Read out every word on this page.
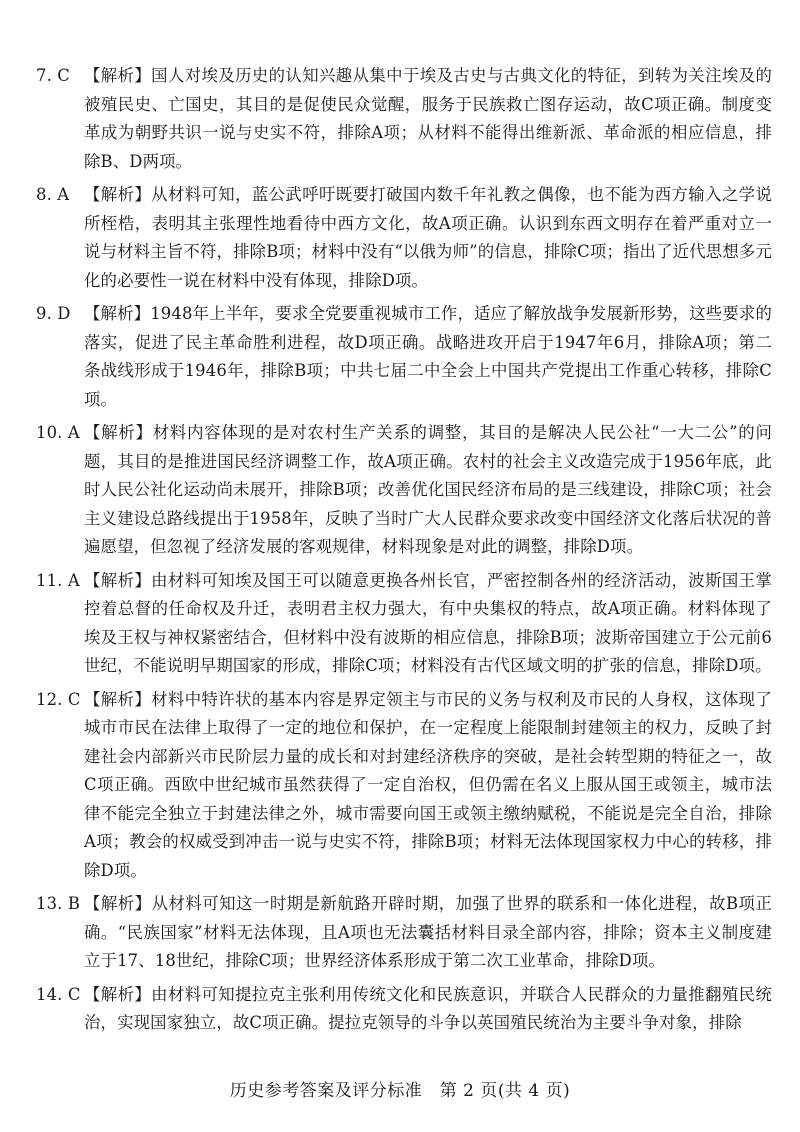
7. C 【解析】国人对埃及历史的认知兴趣从集中于埃及古史与古典文化的特征，到转为关注埃及的被殖民史、亡国史，其目的是促使民众觉醒，服务于民族救亡图存运动，故C项正确。制度变革成为朝野共识一说与史实不符，排除A项；从材料不能得出维新派、革命派的相应信息，排除B、D两项。
8. A 【解析】从材料可知，蓝公武呼吁既要打破国内数千年礼教之偶像，也不能为西方输入之学说所桎梏，表明其主张理性地看待中西方文化，故A项正确。认识到东西文明存在着严重对立一说与材料主旨不符，排除B项；材料中没有“以俄为师”的信息，排除C项；指出了近代思想多元化的必要性一说在材料中没有体现，排除D项。
9. D 【解析】1948年上半年，要求全党要重视城市工作，适应了解放战争发展新形势，这些要求的落实，促进了民主革命胜利进程，故D项正确。战略进攻开启于1947年6月，排除A项；第二条战线形成于1946年，排除B项；中共七届二中全会上中国共产党提出工作重心转移，排除C项。
10. A 【解析】材料内容体现的是对农村生产关系的调整，其目的是解决人民公社“一大二公”的问题，其目的是推进国民经济调整工作，故A项正确。农村的社会主义改造完成于1956年底，此时人民公社化运动尚未展开，排除B项；改善优化国民经济布局的是三线建设，排除C项；社会主义建设总路线提出于1958年，反映了当时广大人民群众要求改变中国经济文化落后状况的普遍愿望，但忽视了经济发展的客观规律，材料现象是对此的调整，排除D项。
11. A 【解析】由材料可知埃及国王可以随意更换各州长官，严密控制各州的经济活动，波斯国王掌控着总督的任命权及升迁，表明君主权力强大，有中央集权的特点，故A项正确。材料体现了埃及王权与神权紧密结合，但材料中没有波斯的相应信息，排除B项；波斯帝国建立于公元前6世纪，不能说明早期国家的形成，排除C项；材料没有古代区域文明的扩张的信息，排除D项。
12. C 【解析】材料中特许状的基本内容是界定领主与市民的义务与权利及市民的人身权，这体现了城市市民在法律上取得了一定的地位和保护，在一定程度上能限制封建领主的权力，反映了封建社会内部新兴市民阶层力量的成长和对封建经济秩序的突破，是社会转型期的特征之一，故C项正确。西欧中世纪城市虽然获得了一定自治权，但仍需在名义上服从国王或领主，城市法律不能完全独立于封建法律之外，城市需要向国王或领主缴纳赋税，不能说是完全自治，排除A项；教会的权威受到冲击一说与史实不符，排除B项；材料无法体现国家权力中心的转移，排除D项。
13. B 【解析】从材料可知这一时期是新航路开辟时期，加强了世界的联系和一体化进程，故B项正确。“民族国家”材料无法体现，且A项也无法囊括材料目录全部内容，排除；资本主义制度建立于17、18世纪，排除C项；世界经济体系形成于第二次工业革命，排除D项。
14. C 【解析】由材料可知提拉克主张利用传统文化和民族意识，并联合人民群众的力量推翻殖民统治，实现国家独立，故C项正确。提拉克领导的斗争以英国殖民统治为主要斗争对象，排除
历史参考答案及评分标准　第 2 页(共 4 页)
